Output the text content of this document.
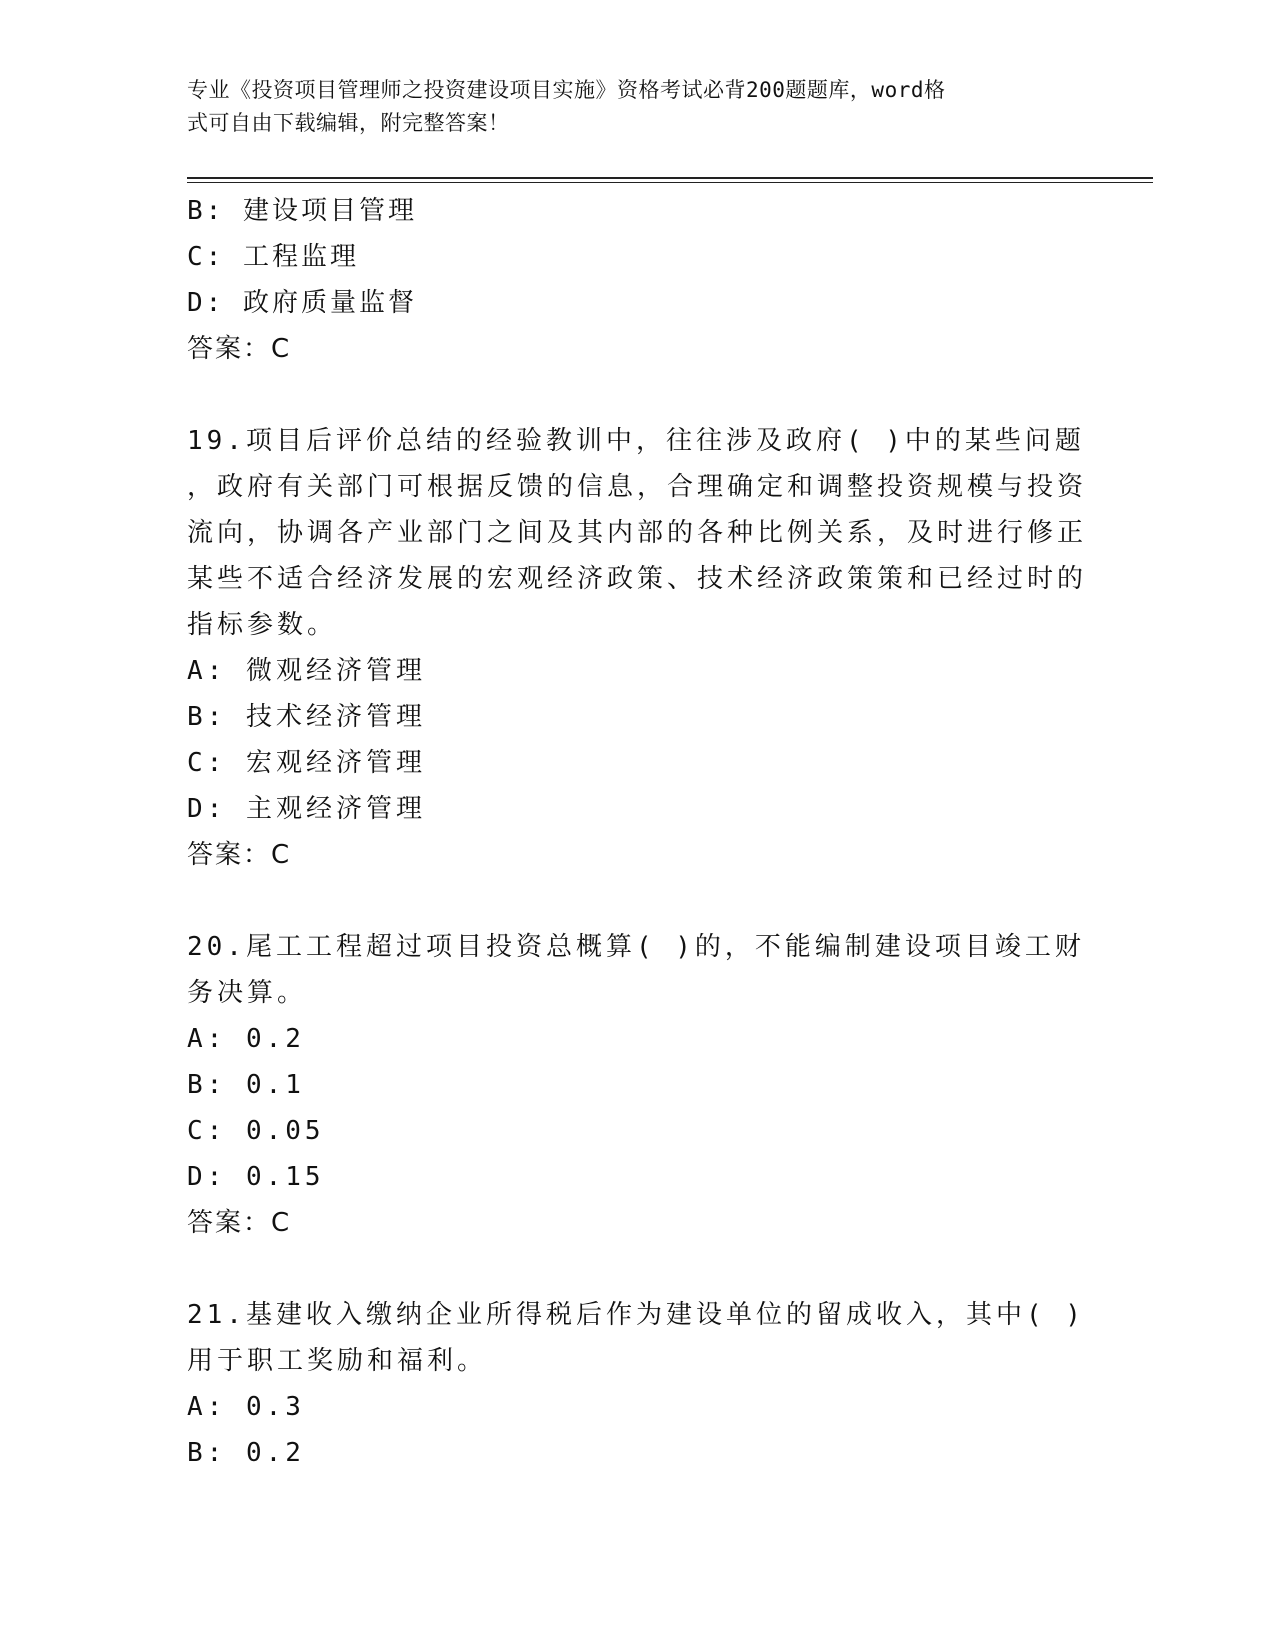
专业《投资项目管理师之投资建设项目实施》资格考试必背200题题库，word格
式可自由下载编辑，附完整答案！
B: 建设项目管理
C: 工程监理
D: 政府质量监督
答案：C
19.项目后评价总结的经验教训中，往往涉及政府( )中的某些问题
，政府有关部门可根据反馈的信息，合理确定和调整投资规模与投资
流向，协调各产业部门之间及其内部的各种比例关系，及时进行修正
某些不适合经济发展的宏观经济政策、技术经济政策策和已经过时的
指标参数。
A: 微观经济管理
B: 技术经济管理
C: 宏观经济管理
D: 主观经济管理
答案：C
20.尾工工程超过项目投资总概算( )的，不能编制建设项目竣工财
务决算。
A: 0.2
B: 0.1
C: 0.05
D: 0.15
答案：C
21.基建收入缴纳企业所得税后作为建设单位的留成收入，其中( )
用于职工奖励和福利。
A: 0.3
B: 0.2
